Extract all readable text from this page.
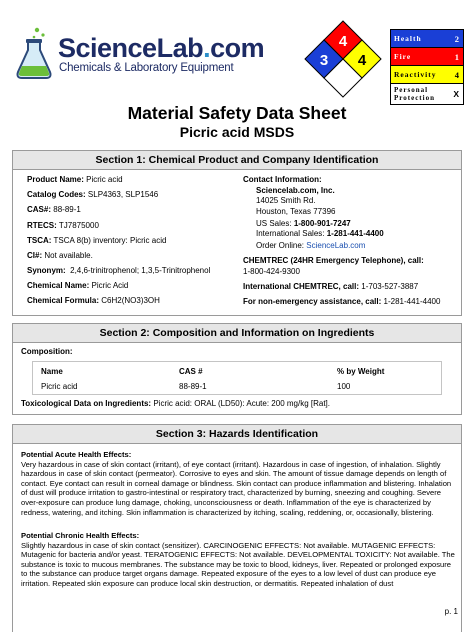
ScienceLab.com
Chemicals & Laboratory Equipment
4
3 4
Health	2
Fire	1
Reactivity	4
Personal
Protection	X
Material Safety Data Sheet
Picric acid MSDS
Section 1: Chemical Product and Company Identification
Product Name: Picric acid
Catalog Codes: SLP4363, SLP1546
CAS#: 88-89-1
RTECS: TJ7875000
TSCA: TSCA 8(b) inventory: Picric acid
CI#: Not available.
Synonym: 2,4,6-trinitrophenol; 1,3,5-Trinitrophenol
Chemical Name: Picric Acid
Chemical Formula: C6H2(NO3)3OH
Contact Information:
Sciencelab.com, Inc.
14025 Smith Rd.
Houston, Texas 77396
US Sales: 1-800-901-7247
International Sales: 1-281-441-4400
Order Online: ScienceLab.com
CHEMTREC (24HR Emergency Telephone), call:
1-800-424-9300
International CHEMTREC, call: 1-703-527-3887
For non-emergency assistance, call: 1-281-441-4400
Section 2: Composition and Information on Ingredients
Composition:
Name	CAS #	% by Weight
Picric acid	88-89-1	100
Toxicological Data on Ingredients: Picric acid: ORAL (LD50): Acute: 200 mg/kg [Rat].
Section 3: Hazards Identification
Potential Acute Health Effects:
Very hazardous in case of skin contact (irritant), of eye contact (irritant). Hazardous in case of ingestion, of inhalation. Slightly hazardous in case of skin contact (permeator). Corrosive to eyes and skin. The amount of tissue damage depends on length of contact. Eye contact can result in corneal damage or blindness. Skin contact can produce inflammation and blistering. Inhalation of dust will produce irritation to gastro-intestinal or respiratory tract, characterized by burning, sneezing and coughing. Severe over-exposure can produce lung damage, choking, unconsciousness or death. Inflammation of the eye is characterized by redness, watering, and itching. Skin inflammation is characterized by itching, scaling, reddening, or, occasionally, blistering.
Potential Chronic Health Effects:
Slightly hazardous in case of skin contact (sensitizer). CARCINOGENIC EFFECTS: Not available. MUTAGENIC EFFECTS: Mutagenic for bacteria and/or yeast. TERATOGENIC EFFECTS: Not available. DEVELOPMENTAL TOXICITY: Not available. The substance is toxic to mucous membranes. The substance may be toxic to blood, kidneys, liver. Repeated or prolonged exposure to the substance can produce target organs damage. Repeated exposure of the eyes to a low level of dust can produce eye irritation. Repeated skin exposure can produce local skin destruction, or dermatitis. Repeated inhalation of dust
p. 1
